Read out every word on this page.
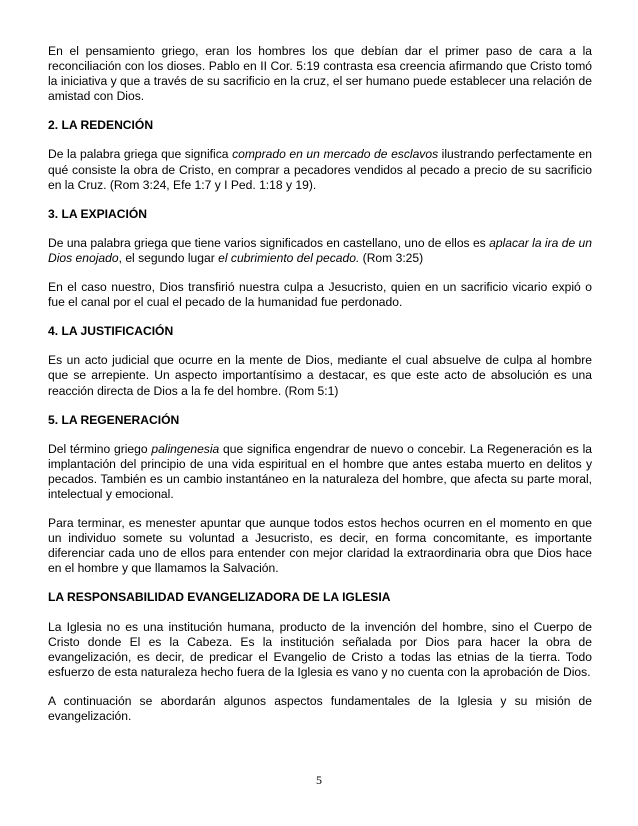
En el pensamiento griego, eran los hombres los que debían dar el primer paso de cara a la reconciliación con los dioses. Pablo en II Cor. 5:19 contrasta esa creencia afirmando que Cristo tomó la iniciativa y que a través de su sacrificio en la cruz, el ser humano puede establecer una relación de amistad con Dios.

2. LA REDENCIÓN

De la palabra griega que significa comprado en un mercado de esclavos ilustrando perfectamente en qué consiste la obra de Cristo, en comprar a pecadores vendidos al pecado a precio de su sacrificio en la Cruz. (Rom 3:24, Efe 1:7 y I Ped. 1:18 y 19).

3. LA EXPIACIÓN

De una palabra griega que tiene varios significados en castellano, uno de ellos es aplacar la ira de un Dios enojado, el segundo lugar el cubrimiento del pecado. (Rom 3:25)

En el caso nuestro, Dios transfirió nuestra culpa a Jesucristo, quien en un sacrificio vicario expió o fue el canal por el cual el pecado de la humanidad fue perdonado.

4. LA JUSTIFICACIÓN

Es un acto judicial que ocurre en la mente de Dios, mediante el cual absuelve de culpa al hombre que se arrepiente. Un aspecto importantísimo a destacar, es que este acto de absolución es una reacción directa de Dios a la fe del hombre. (Rom 5:1)

5. LA REGENERACIÓN

Del término griego palingenesia que significa engendrar de nuevo o concebir. La Regeneración es la implantación del principio de una vida espiritual en el hombre que antes estaba muerto en delitos y pecados. También es un cambio instantáneo en la naturaleza del hombre, que afecta su parte moral, intelectual y emocional.

Para terminar, es menester apuntar que aunque todos estos hechos ocurren en el momento en que un individuo somete su voluntad a Jesucristo, es decir, en forma concomitante, es importante diferenciar cada uno de ellos para entender con mejor claridad la extraordinaria obra que Dios hace en el hombre y que llamamos la Salvación.

LA RESPONSABILIDAD EVANGELIZADORA DE LA IGLESIA

La Iglesia no es una institución humana, producto de la invención del hombre, sino el Cuerpo de Cristo donde El es la Cabeza. Es la institución señalada por Dios para hacer la obra de evangelización, es decir, de predicar el Evangelio de Cristo a todas las etnias de la tierra. Todo esfuerzo de esta naturaleza hecho fuera de la Iglesia es vano y no cuenta con la aprobación de Dios.

A continuación se abordarán algunos aspectos fundamentales de la Iglesia y su misión de evangelización.

5
